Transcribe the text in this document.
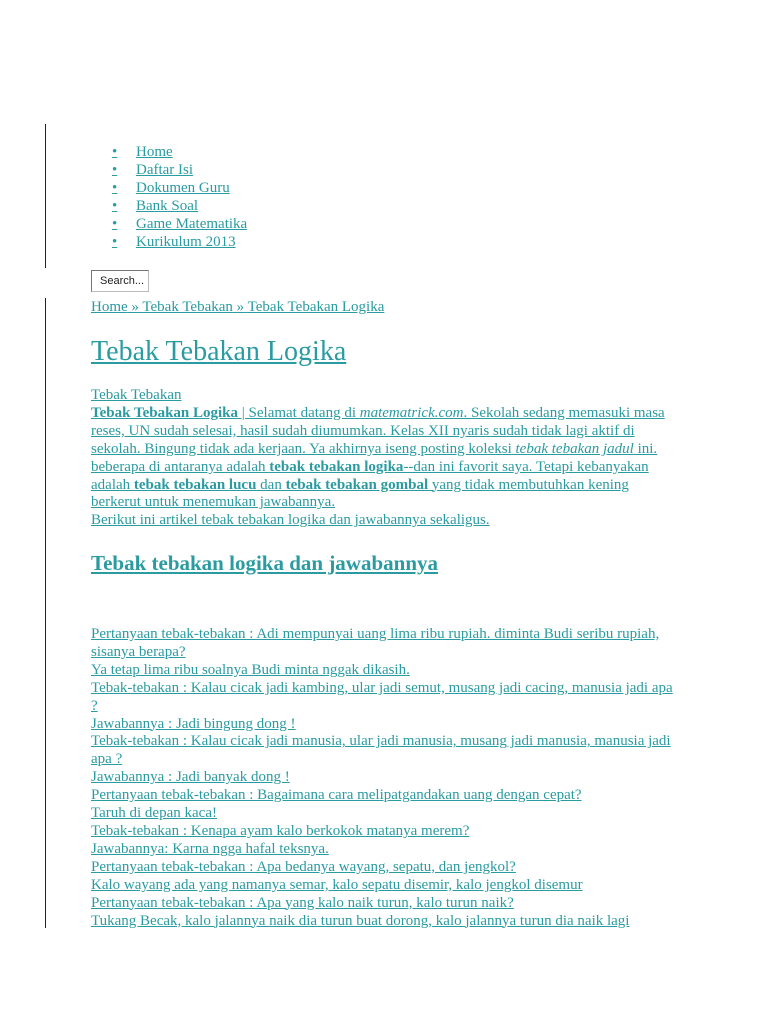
•Home
•Daftar Isi
•Dokumen Guru
•Bank Soal
•Game Matematika
•Kurikulum 2013
Search...
Home » Tebak Tebakan » Tebak Tebakan Logika
Tebak Tebakan Logika
Tebak Tebakan
Tebak Tebakan Logika | Selamat datang di matematrick.com. Sekolah sedang memasuki masa
reses, UN sudah selesai, hasil sudah diumumkan. Kelas XII nyaris sudah tidak lagi aktif di
sekolah. Bingung tidak ada kerjaan. Ya akhirnya iseng posting koleksi tebak tebakan jadul ini.
beberapa di antaranya adalah tebak tebakan logika--dan ini favorit saya. Tetapi kebanyakan
adalah tebak tebakan lucu dan tebak tebakan gombal yang tidak membutuhkan kening
berkerut untuk menemukan jawabannya.
Berikut ini artikel tebak tebakan logika dan jawabannya sekaligus.
Tebak tebakan logika dan jawabannya
Pertanyaan tebak-tebakan : Adi mempunyai uang lima ribu rupiah. diminta Budi seribu rupiah,
sisanya berapa?
Ya tetap lima ribu soalnya Budi minta nggak dikasih.
Tebak-tebakan : Kalau cicak jadi kambing, ular jadi semut, musang jadi cacing, manusia jadi apa
?
Jawabannya : Jadi bingung dong !
Tebak-tebakan : Kalau cicak jadi manusia, ular jadi manusia, musang jadi manusia, manusia jadi
apa ?
Jawabannya : Jadi banyak dong !
Pertanyaan tebak-tebakan : Bagaimana cara melipatgandakan uang dengan cepat?
Taruh di depan kaca!
Tebak-tebakan : Kenapa ayam kalo berkokok matanya merem?
Jawabannya: Karna ngga hafal teksnya.
Pertanyaan tebak-tebakan : Apa bedanya wayang, sepatu, dan jengkol?
Kalo wayang ada yang namanya semar, kalo sepatu disemir, kalo jengkol disemur
Pertanyaan tebak-tebakan : Apa yang kalo naik turun, kalo turun naik?
Tukang Becak, kalo jalannya naik dia turun buat dorong, kalo jalannya turun dia naik lagi
